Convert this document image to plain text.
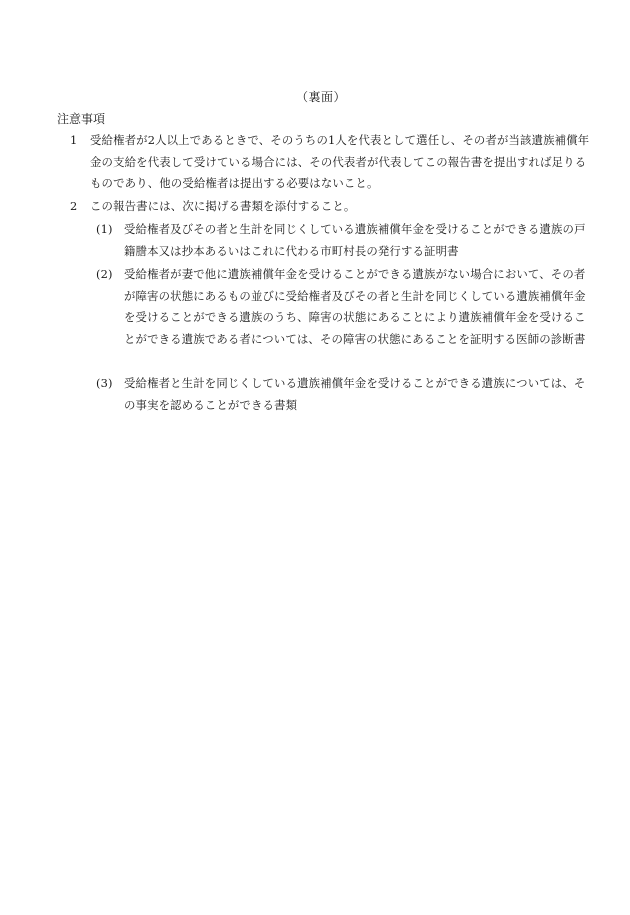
（裏面）
注意事項
1	受給権者が2人以上であるときで、そのうちの1人を代表として選任し、その者が当該遺族補償年金の支給を代表して受けている場合には、その代表者が代表してこの報告書を提出すれば足りるものであり、他の受給権者は提出する必要はないこと。
2	この報告書には、次に掲げる書類を添付すること。
(1)	受給権者及びその者と生計を同じくしている遺族補償年金を受けることができる遺族の戸籍謄本又は抄本あるいはこれに代わる市町村長の発行する証明書
(2)	受給権者が妻で他に遺族補償年金を受けることができる遺族がない場合において、その者が障害の状態にあるもの並びに受給権者及びその者と生計を同じくしている遺族補償年金を受けることができる遺族のうち、障害の状態にあることにより遺族補償年金を受けることができる遺族である者については、その障害の状態にあることを証明する医師の診断書
(3)	受給権者と生計を同じくしている遺族補償年金を受けることができる遺族については、その事実を認めることができる書類
